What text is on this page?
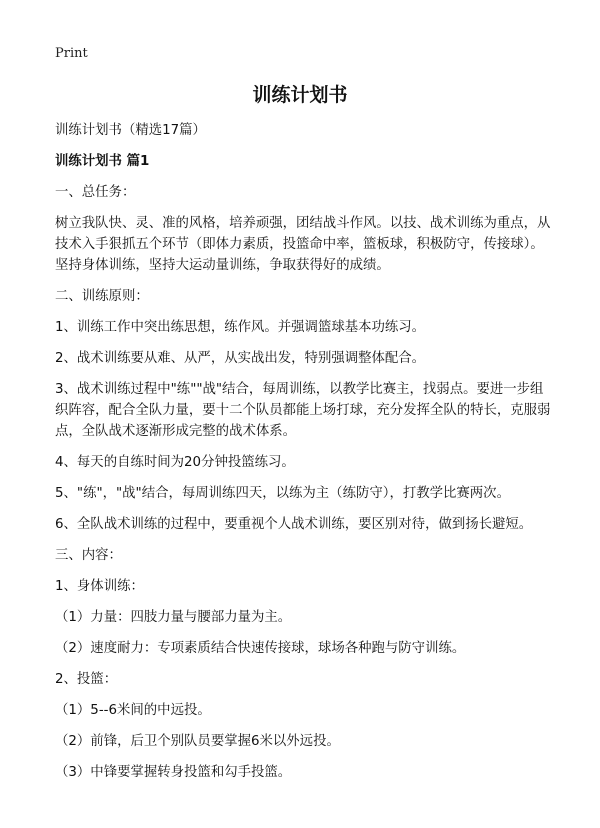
Print
训练计划书

训练计划书（精选17篇）

训练计划书 篇1

一、总任务：

树立我队快、灵、准的风格，培养顽强，团结战斗作风。以技、战术训练为重点，从技术入手狠抓五个环节（即体力素质，投篮命中率，篮板球，积极防守，传接球）。坚持身体训练，坚持大运动量训练，争取获得好的成绩。

二、训练原则：

1、训练工作中突出练思想，练作风。并强调篮球基本功练习。

2、战术训练要从难、从严，从实战出发，特别强调整体配合。

3、战术训练过程中"练""战"结合，每周训练，以教学比赛主，找弱点。要进一步组织阵容，配合全队力量，要十二个队员都能上场打球，充分发挥全队的特长，克服弱点，全队战术逐渐形成完整的战术体系。

4、每天的自练时间为20分钟投篮练习。

5、"练"，"战"结合，每周训练四天，以练为主（练防守），打教学比赛两次。

6、全队战术训练的过程中，要重视个人战术训练，要区别对待，做到扬长避短。

三、内容：

1、身体训练：

（1）力量：四肢力量与腰部力量为主。

（2）速度耐力：专项素质结合快速传接球，球场各种跑与防守训练。

2、投篮：

（1）5--6米间的中远投。

（2）前锋，后卫个别队员要掌握6米以外远投。

（3）中锋要掌握转身投篮和勾手投篮。
